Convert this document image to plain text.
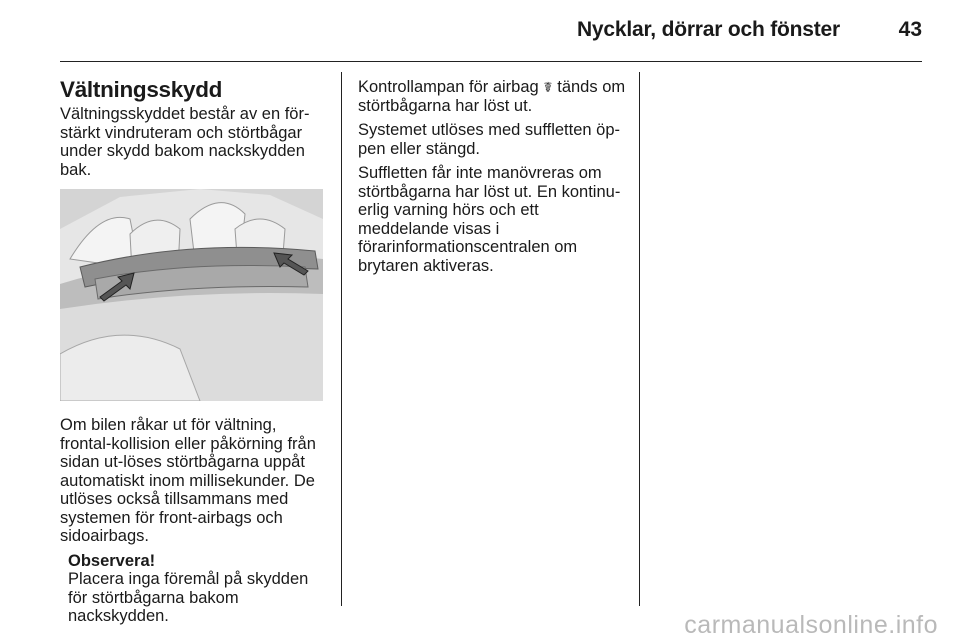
Nycklar, dörrar och fönster	43
Vältningsskydd

Vältningsskyddet består av en för-stärkt vindruteram och störtbågar under skydd bakom nackskydden bak.

Om bilen råkar ut för vältning, frontal-kollision eller påkörning från sidan ut-löses störtbågarna uppåt automatiskt inom millisekunder. De utlöses också tillsammans med systemen för front-airbags och sidoairbags.

Observera!
Placera inga föremål på skydden för störtbågarna bakom nackskydden.

Kontrollampan för airbag ☤ tänds om störtbågarna har löst ut.

Systemet utlöses med suffletten öp-pen eller stängd.

Suffletten får inte manövreras om störtbågarna har löst ut. En kontinu-erlig varning hörs och ett meddelande visas i förarinformationscentralen om brytaren aktiveras.

carmanualsonline.info
